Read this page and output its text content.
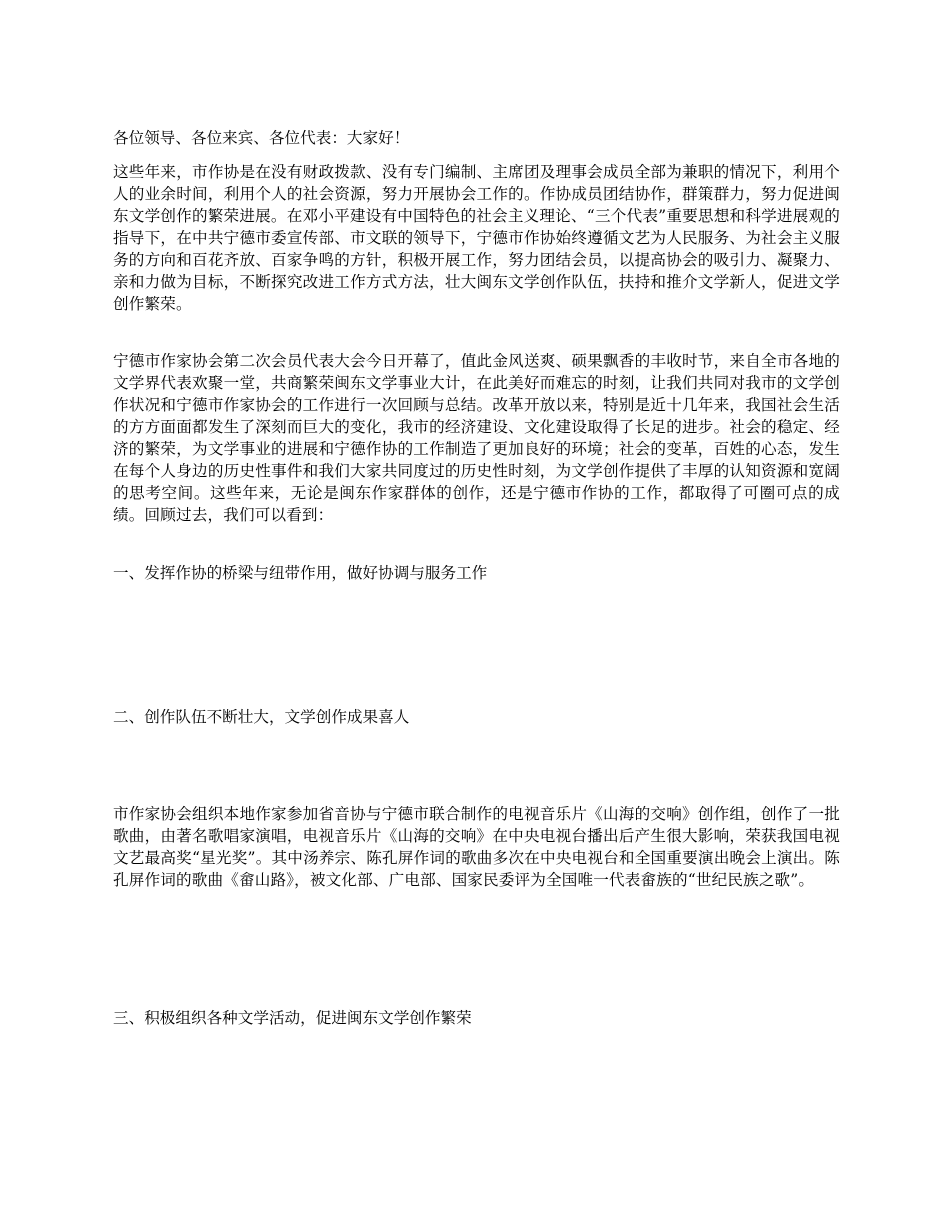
各位领导、各位来宾、各位代表：大家好！

这些年来，市作协是在没有财政拨款、没有专门编制、主席团及理事会成员全部为兼职的情况下，利用个人的业余时间，利用个人的社会资源，努力开展协会工作的。作协成员团结协作，群策群力，努力促进闽东文学创作的繁荣进展。在邓小平建设有中国特色的社会主义理论、“三个代表”重要思想和科学进展观的指导下，在中共宁德市委宣传部、市文联的领导下，宁德市作协始终遵循文艺为人民服务、为社会主义服务的方向和百花齐放、百家争鸣的方针，积极开展工作，努力团结会员，以提高协会的吸引力、凝聚力、亲和力做为目标，不断探究改进工作方式方法，壮大闽东文学创作队伍，扶持和推介文学新人，促进文学创作繁荣。

宁德市作家协会第二次会员代表大会今日开幕了，值此金风送爽、硕果飘香的丰收时节，来自全市各地的文学界代表欢聚一堂，共商繁荣闽东文学事业大计，在此美好而难忘的时刻，让我们共同对我市的文学创作状况和宁德市作家协会的工作进行一次回顾与总结。改革开放以来，特别是近十几年来，我国社会生活的方方面面都发生了深刻而巨大的变化，我市的经济建设、文化建设取得了长足的进步。社会的稳定、经济的繁荣，为文学事业的进展和宁德作协的工作制造了更加良好的环境；社会的变革，百姓的心态，发生在每个人身边的历史性事件和我们大家共同度过的历史性时刻，为文学创作提供了丰厚的认知资源和宽阔的思考空间。这些年来，无论是闽东作家群体的创作，还是宁德市作协的工作，都取得了可圈可点的成绩。回顾过去，我们可以看到：

一、发挥作协的桥梁与纽带作用，做好协调与服务工作

二、创作队伍不断壮大，文学创作成果喜人

市作家协会组织本地作家参加省音协与宁德市联合制作的电视音乐片《山海的交响》创作组，创作了一批歌曲，由著名歌唱家演唱，电视音乐片《山海的交响》在中央电视台播出后产生很大影响，荣获我国电视文艺最高奖“星光奖”。其中汤养宗、陈孔屏作词的歌曲多次在中央电视台和全国重要演出晚会上演出。陈孔屏作词的歌曲《畲山路》，被文化部、广电部、国家民委评为全国唯一代表畲族的“世纪民族之歌”。

三、积极组织各种文学活动，促进闽东文学创作繁荣
